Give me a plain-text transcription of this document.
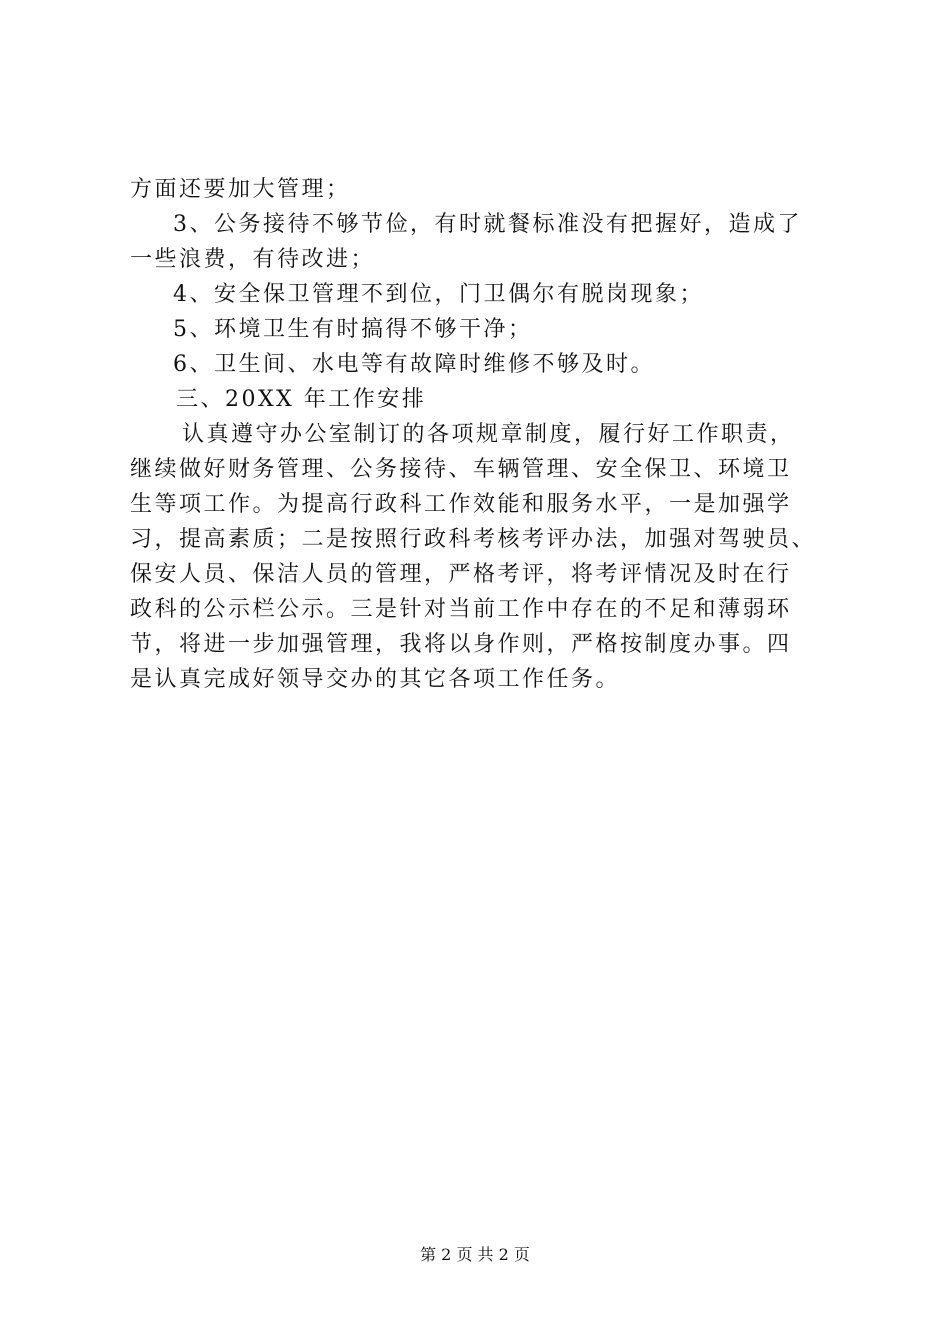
方面还要加大管理；
3、公务接待不够节俭，有时就餐标准没有把握好，造成了
一些浪费，有待改进；
4、安全保卫管理不到位，门卫偶尔有脱岗现象；
5、环境卫生有时搞得不够干净；
6、卫生间、水电等有故障时维修不够及时。
三、20XX 年工作安排
认真遵守办公室制订的各项规章制度，履行好工作职责，
继续做好财务管理、公务接待、车辆管理、安全保卫、环境卫
生等项工作。为提高行政科工作效能和服务水平，一是加强学
习，提高素质；二是按照行政科考核考评办法，加强对驾驶员、
保安人员、保洁人员的管理，严格考评，将考评情况及时在行
政科的公示栏公示。三是针对当前工作中存在的不足和薄弱环
节，将进一步加强管理，我将以身作则，严格按制度办事。四
是认真完成好领导交办的其它各项工作任务。
第 2 页 共 2 页
